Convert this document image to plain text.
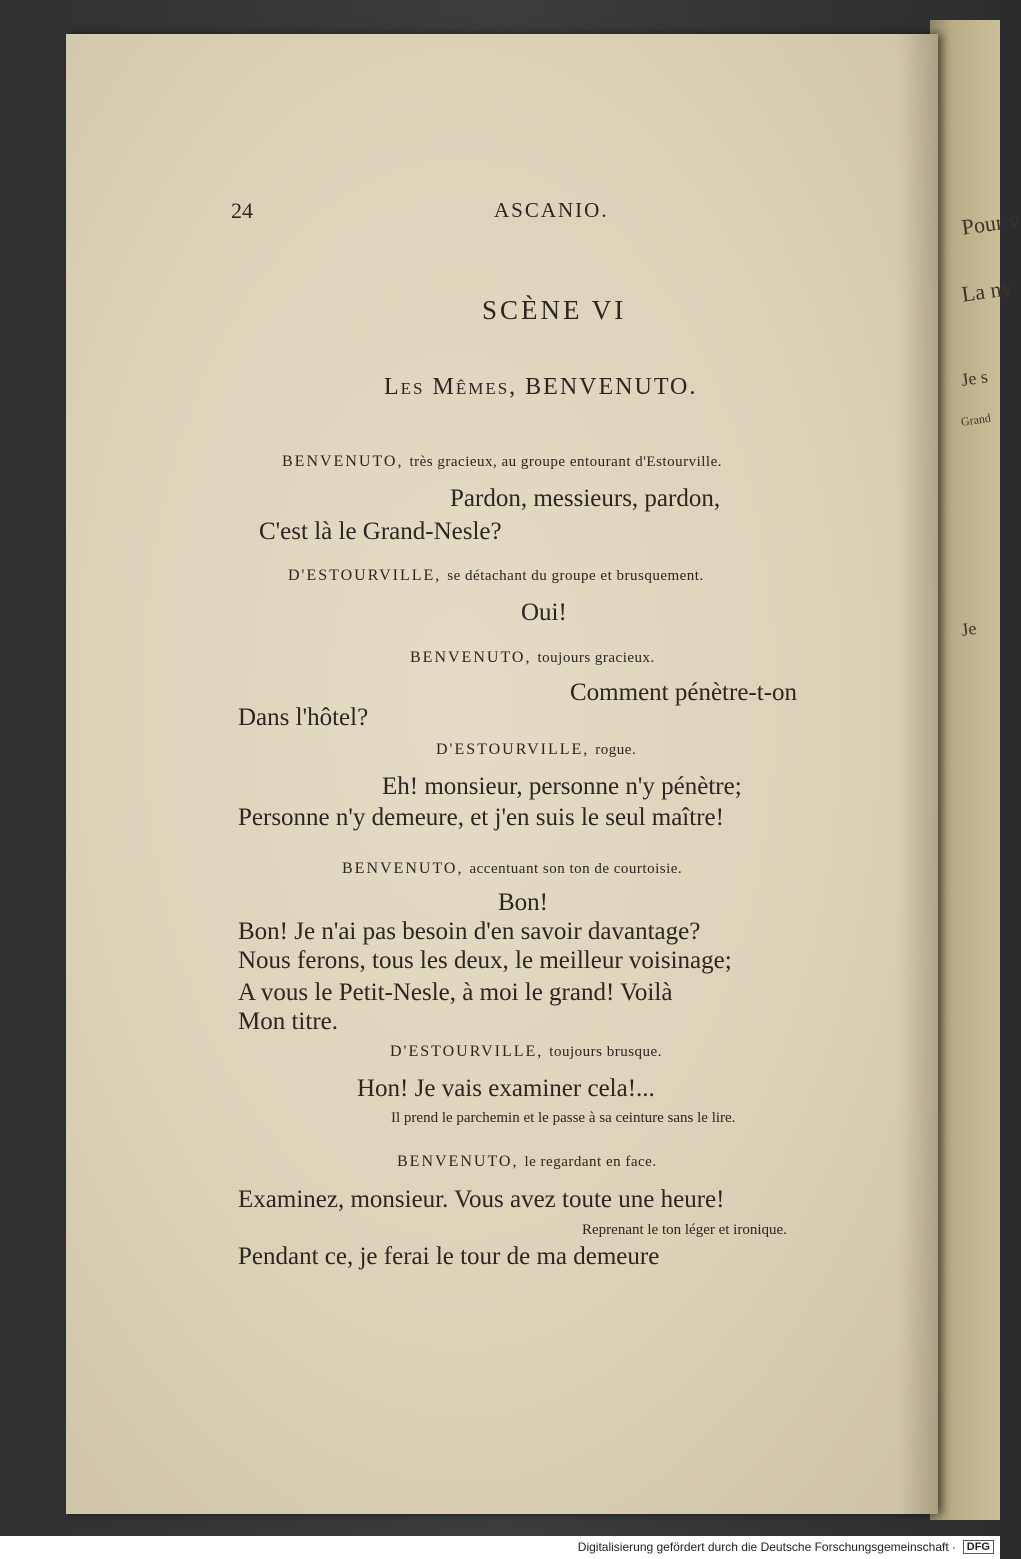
Pour v
La ny
Je s
Grand
Je
24	ASCANIO.
SCÈNE VI
Les Mêmes, BENVENUTO.
BENVENUTO, très gracieux, au groupe entourant d'Estourville.
Pardon, messieurs, pardon,
C'est là le Grand-Nesle?
D'ESTOURVILLE, se détachant du groupe et brusquement.
Oui!
BENVENUTO, toujours gracieux.
Comment pénètre-t-on
Dans l'hôtel?
D'ESTOURVILLE, rogue.
Eh! monsieur, personne n'y pénètre;
Personne n'y demeure, et j'en suis le seul maître!
BENVENUTO, accentuant son ton de courtoisie.
Bon!
Bon! Je n'ai pas besoin d'en savoir davantage?
Nous ferons, tous les deux, le meilleur voisinage;
A vous le Petit-Nesle, à moi le grand! Voilà
Mon titre.
D'ESTOURVILLE, toujours brusque.
Hon! Je vais examiner cela!...
Il prend le parchemin et le passe à sa ceinture sans le lire.
BENVENUTO, le regardant en face.
Examinez, monsieur. Vous avez toute une heure!
Reprenant le ton léger et ironique.
Pendant ce, je ferai le tour de ma demeure
Digitalisierung gefördert durch die Deutsche Forschungsgemeinschaft · DFG
